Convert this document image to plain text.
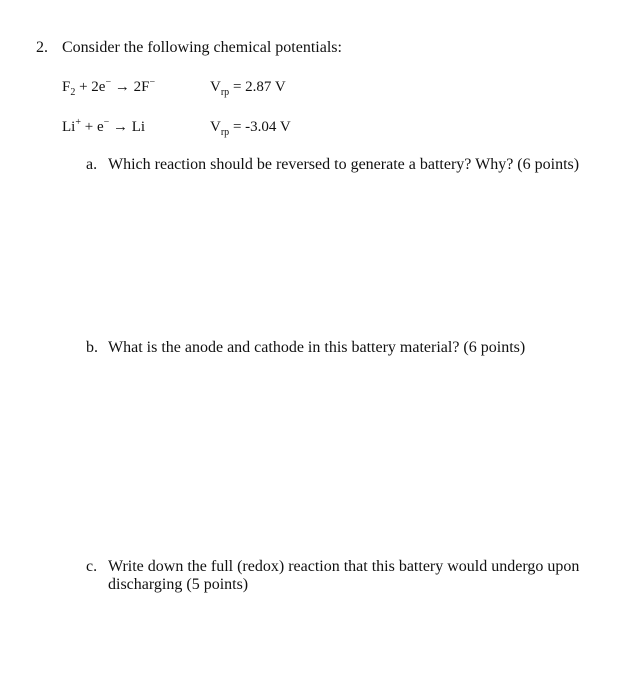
2. Consider the following chemical potentials:
$F_2 + 2e^- \to 2F^-$	$V_{rp} = 2.87$ V
Li+ + e− → Li	$V_{rp} = -3.04$ V
a. Which reaction should be reversed to generate a battery? Why? (6 points)
b. What is the anode and cathode in this battery material? (6 points)
c. Write down the full (redox) reaction that this battery would undergo upon
discharging (5 points)
